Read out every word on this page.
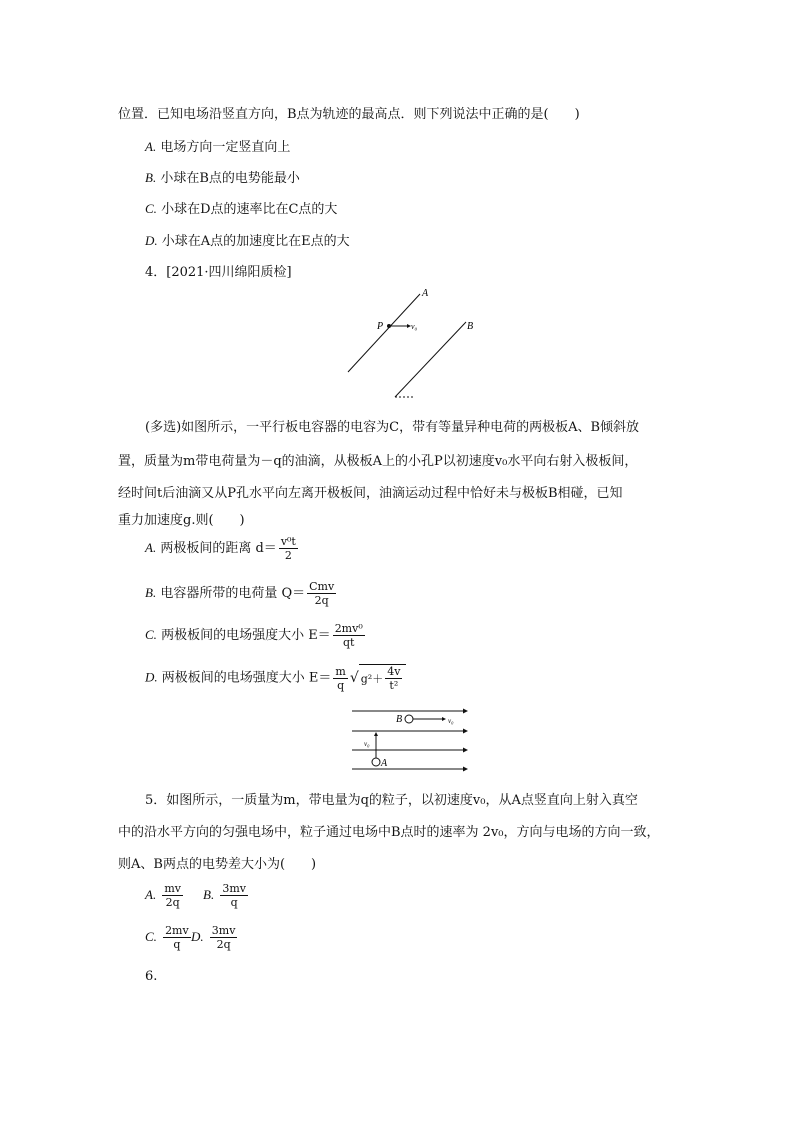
位置．已知电场沿竖直方向，B点为轨迹的最高点．则下列说法中正确的是(　　)
A. 电场方向一定竖直向上
B. 小球在B点的电势能最小
C. 小球在D点的速率比在C点的大
D. 小球在A点的加速度比在E点的大
4．[2021·四川绵阳质检]
A
B
P	v₀
(多选)如图所示，一平行板电容器的电容为C，带有等量异种电荷的两极板A、B倾斜放
置，质量为m带电荷量为－q的油滴，从极板A上的小孔P以初速度v₀水平向右射入极板间，
经时间t后油滴又从P孔水平向左离开极板间，油滴运动过程中恰好未与极板B相碰，已知
重力加速度g.则(　　)
A. 两极板间的距离 $d= \frac{\text{v⁰t}}{2}$
B. 电容器所带的电荷量 $Q= \frac{\text{Cmv}}{2q}$
C. 两极板间的电场强度大小 $E= \frac{\text{2mv⁰}}{qt}$
D. 两极板间的电场强度大小 $E= \frac{m}{q}$ √ $g^2+ \frac{4v}{\text{t²}}$
B	v₀
A
v₀
5．如图所示，一质量为m，带电量为q的粒子，以初速度v₀，从A点竖直向上射入真空
中的沿水平方向的匀强电场中，粒子通过电场中B点时的速率为 2v₀，方向与电场的方向一致，
则A、B两点的电势差大小为(　　)
A. $\frac{mv}{2q} B$. $\frac{3mv}{q}$
C. $\frac{2mv}{q} D$. $\frac{3mv}{2q}$
6.
